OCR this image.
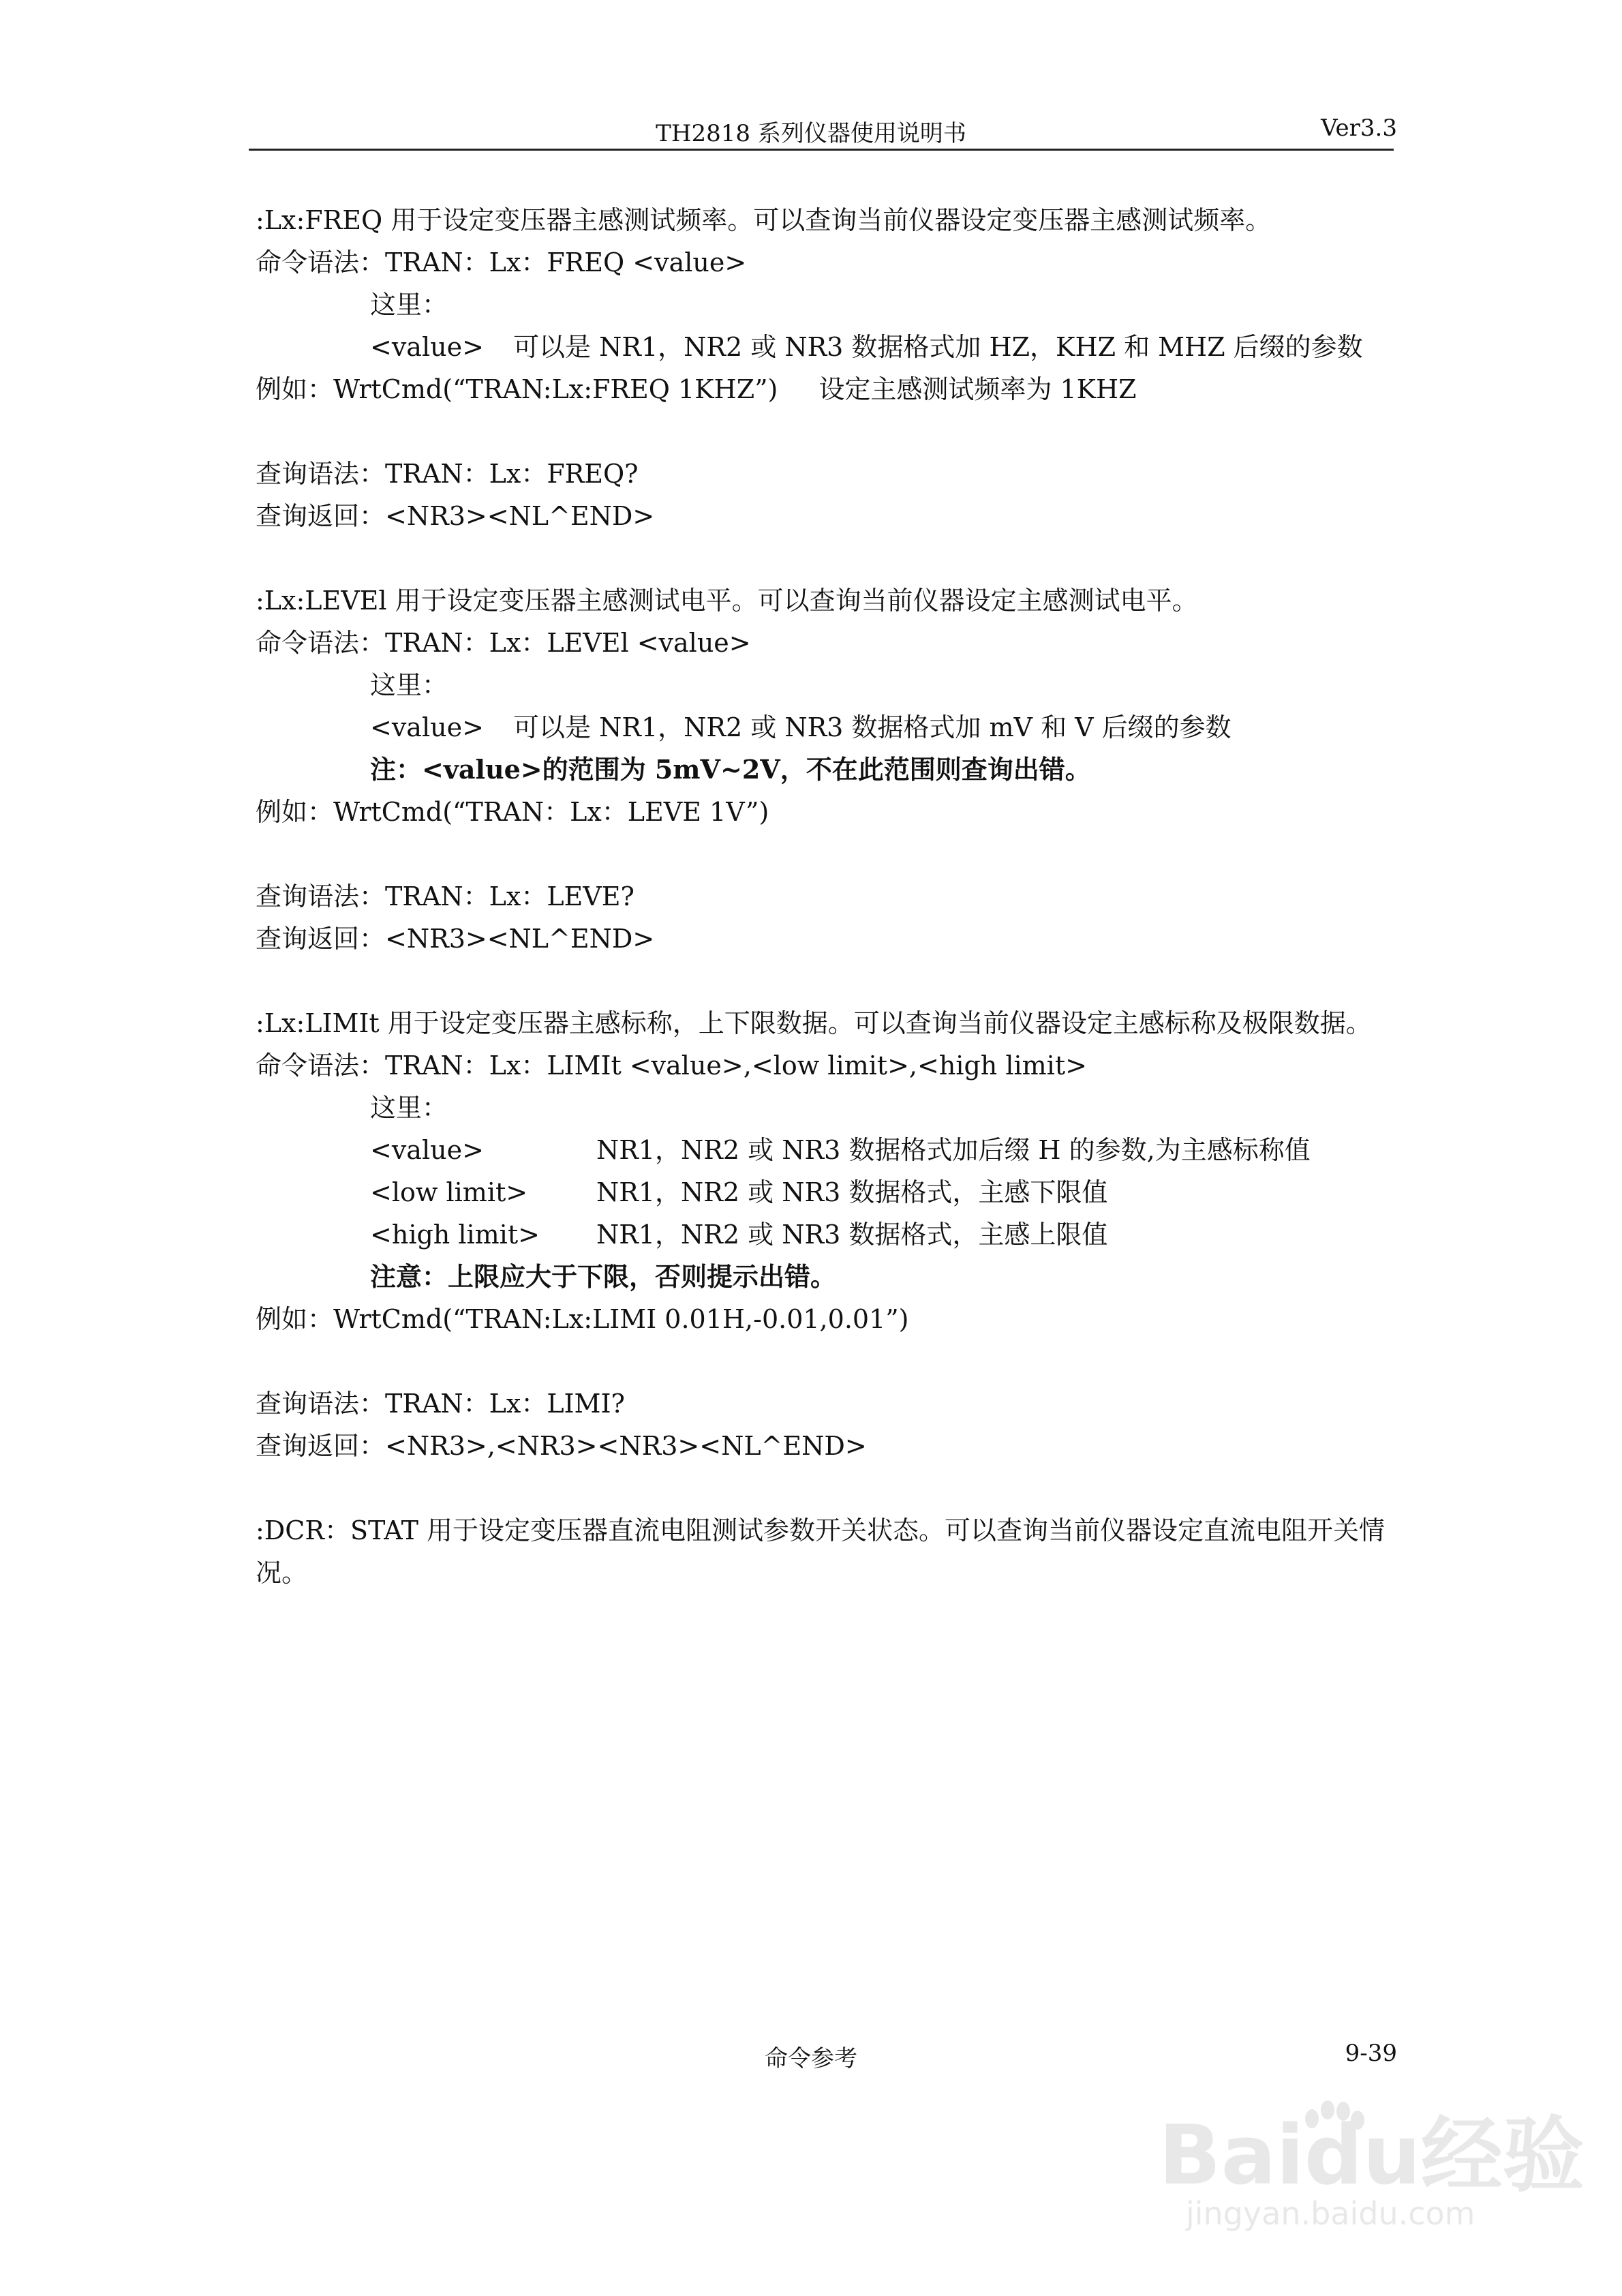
TH2818 系列仪器使用说明书	Ver3.3
:Lx:FREQ 用于设定变压器主感测试频率。可以查询当前仪器设定变压器主感测试频率。
命令语法：TRAN：Lx：FREQ <value>
这里：
<value> 可以是 NR1，NR2 或 NR3 数据格式加 HZ，KHZ 和 MHZ 后缀的参数
例如：WrtCmd(“TRAN:Lx:FREQ 1KHZ”) 设定主感测试频率为 1KHZ
查询语法：TRAN：Lx：FREQ?
查询返回：<NR3><NL^END>
:Lx:LEVEl 用于设定变压器主感测试电平。可以查询当前仪器设定主感测试电平。
命令语法：TRAN：Lx：LEVEl <value>
这里：
<value> 可以是 NR1，NR2 或 NR3 数据格式加 mV 和 V 后缀的参数
注：<value>的范围为 5mV~2V，不在此范围则查询出错。
例如：WrtCmd(“TRAN：Lx：LEVE 1V”)
查询语法：TRAN：Lx：LEVE?
查询返回：<NR3><NL^END>
:Lx:LIMIt 用于设定变压器主感标称，上下限数据。可以查询当前仪器设定主感标称及极限数据。
命令语法：TRAN：Lx：LIMIt <value>,<low limit>,<high limit>
这里：
<value>	NR1，NR2 或 NR3 数据格式加后缀 H 的参数,为主感标称值
<low limit>	NR1，NR2 或 NR3 数据格式，主感下限值
<high limit> NR1，NR2 或 NR3 数据格式，主感上限值
注意：上限应大于下限，否则提示出错。
例如：WrtCmd(“TRAN:Lx:LIMI 0.01H,-0.01,0.01”)
查询语法：TRAN：Lx：LIMI?
查询返回：<NR3>,<NR3><NR3><NL^END>
:DCR：STAT 用于设定变压器直流电阻测试参数开关状态。可以查询当前仪器设定直流电阻开关情况。
命令参考	9-39
Baidu经验
jingyan.baidu.com
